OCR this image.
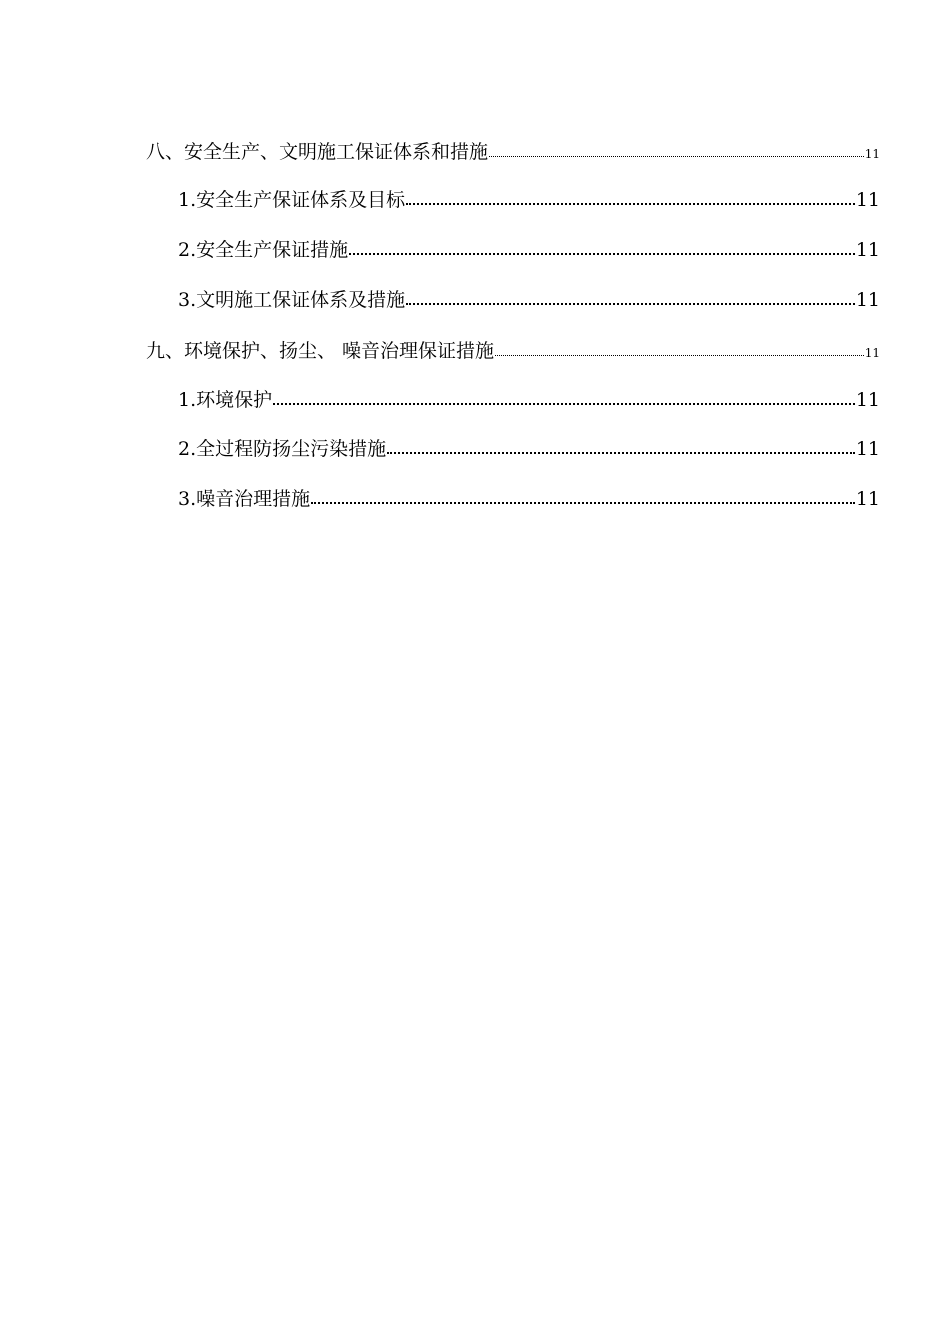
八、安全生产、文明施工保证体系和措施	11
1.安全生产保证体系及目标	11
2.安全生产保证措施	11
3.文明施工保证体系及措施	11
九、环境保护、扬尘、 噪音治理保证措施	11
1.环境保护	11
2.全过程防扬尘污染措施	11
3.噪音治理措施	11
